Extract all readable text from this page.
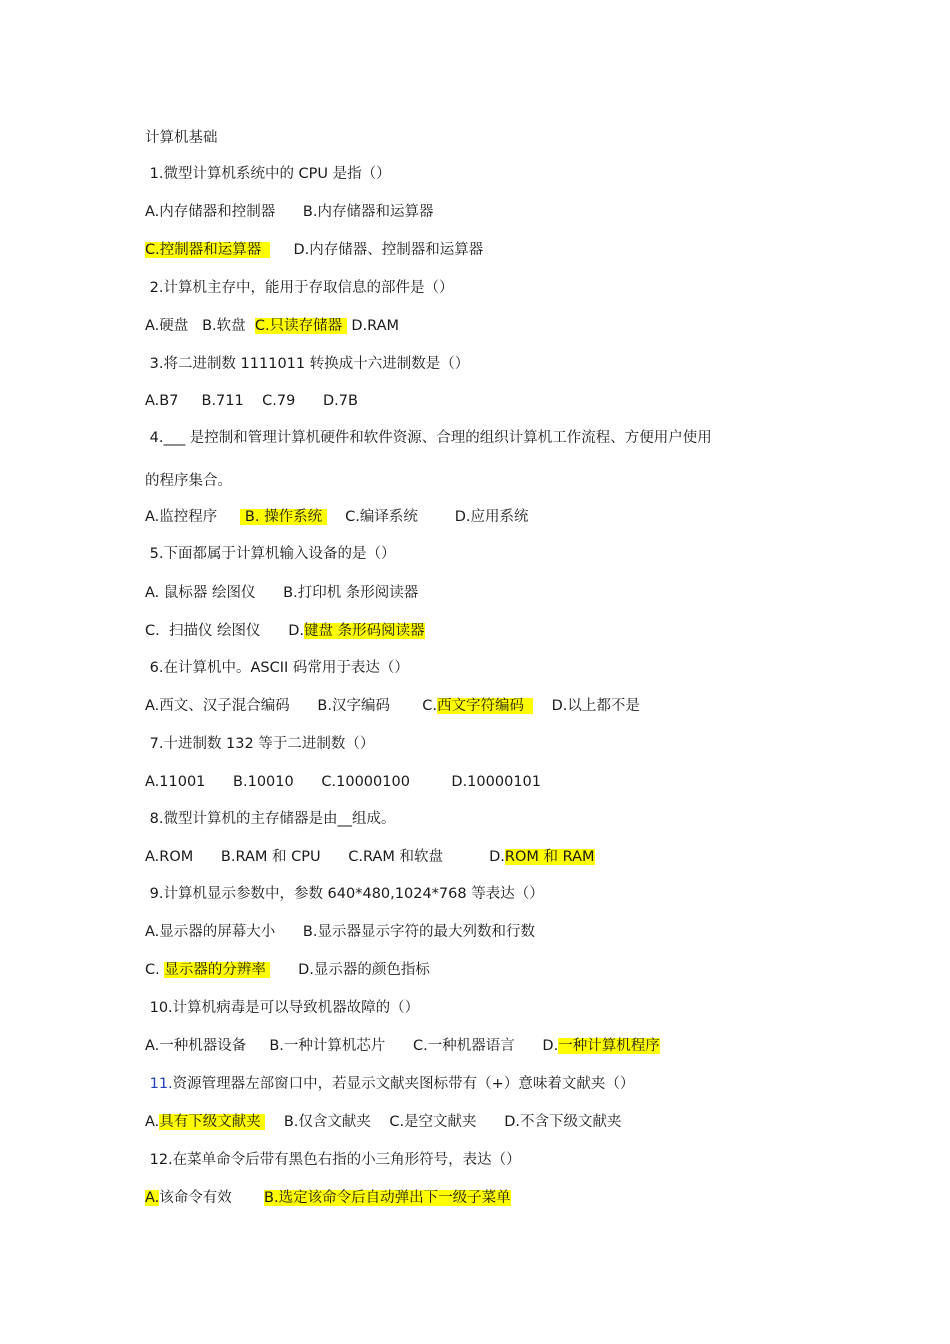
计算机基础
1.微型计算机系统中的 CPU 是指（）
A.内存储器和控制器      B.内存储器和运算器
C.控制器和运算器       D.内存储器、控制器和运算器
2.计算机主存中，能用于存取信息的部件是（）
A.硬盘   B.软盘  C.只读存储器  D.RAM
3.将二进制数 1111011 转换成十六进制数是（）
A.B7     B.711    C.79      D.7B
4.___ 是控制和管理计算机硬件和软件资源、合理的组织计算机工作流程、方便用户使用
的程序集合。
A.监控程序      B. 操作系统     C.编译系统        D.应用系统
5.下面都属于计算机输入设备的是（）
A. 鼠标器 绘图仪      B.打印机 条形阅读器
C.  扫描仪 绘图仪      D.键盘 条形码阅读器
6.在计算机中。ASCII 码常用于表达（）
A.西文、汉子混合编码      B.汉字编码       C.西文字符编码      D.以上都不是
7.十进制数 132 等于二进制数（）
A.11001      B.10010      C.10000100         D.10000101
8.微型计算机的主存储器是由__组成。
A.ROM      B.RAM 和 CPU      C.RAM 和软盘          D.ROM 和 RAM
9.计算机显示参数中，参数 640*480,1024*768 等表达（）
A.显示器的屏幕大小      B.显示器显示字符的最大列数和行数
C. 显示器的分辨率       D.显示器的颜色指标
10.计算机病毒是可以导致机器故障的（）
A.一种机器设备     B.一种计算机芯片      C.一种机器语言      D.一种计算机程序
11.资源管理器左部窗口中，若显示文献夹图标带有（+）意味着文献夹（）
A.具有下级文献夹     B.仅含文献夹    C.是空文献夹      D.不含下级文献夹
12.在菜单命令后带有黑色右指的小三角形符号，表达（）
A.该命令有效       B.选定该命令后自动弹出下一级子菜单
